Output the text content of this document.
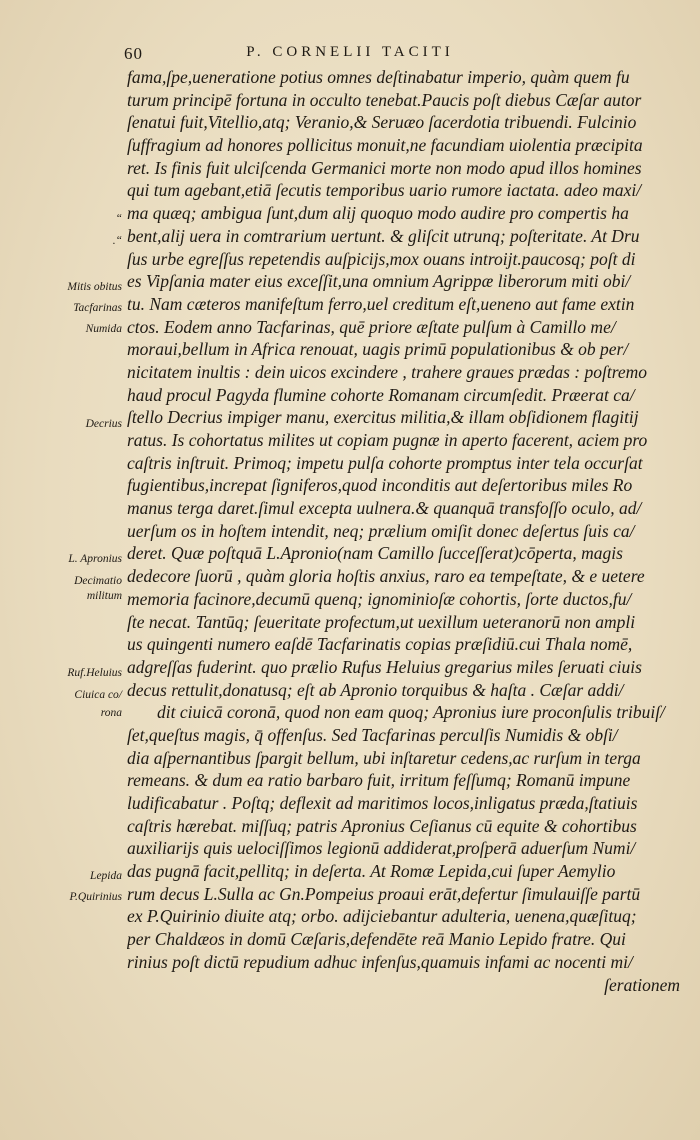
60	P. CORNELII TACITI
“
.“
Mitis obitus
Tacfarinas
Numida
Decrius
L. Apronius
Decimatio
militum
Ruf.Heluius
Ciuica co/
rona
Lepida
P.Quirinius
fama,ſpe,ueneratione potius omnes deſtinabatur imperio, quàm quem fu
turum principē fortuna in occulto tenebat.Paucis poſt diebus Cæſar autor
ſenatui fuit,Vitellio,atq; Veranio,& Seruæo ſacerdotia tribuendi. Fulcinio
ſuffragium ad honores pollicitus monuit,ne facundiam uiolentia præcipita
ret. Is finis fuit ulciſcenda Germanici morte non modo apud illos homines
qui tum agebant,etiā ſecutis temporibus uario rumore iactata. adeo maxi/
ma quæq; ambigua ſunt,dum alij quoquo modo audire pro compertis ha
bent,alij uera in comtrarium uertunt. & gliſcit utrunq; poſteritate. At Dru
ſus urbe egreſſus repetendis auſpicijs,mox ouans introijt.paucosq; poſt di
es Vipſania mater eius exceſſit,una omnium Agrippæ liberorum miti obi/
tu. Nam cæteros manifeſtum ferro,uel creditum eſt,ueneno aut fame extin
ctos. Eodem anno Tacfarinas, quē priore æſtate pulſum à Camillo me/
moraui,bellum in Africa renouat, uagis primū populationibus & ob per/
nicitatem inultis : dein uicos excindere , trahere graues prædas : poſtremo
haud procul Pagyda flumine cohorte Romanam circumſedit. Præerat ca/
ſtello Decrius impiger manu, exercitus militia,& illam obſidionem flagitij
ratus. Is cohortatus milites ut copiam pugnæ in aperto facerent, aciem pro
caſtris inſtruit. Primoq; impetu pulſa cohorte promptus inter tela occurſat
fugientibus,increpat ſigniferos,quod inconditis aut deſertoribus miles Ro
manus terga daret.ſimul excepta uulnera.& quanquā transfoſſo oculo, ad/
uerſum os in hoſtem intendit, neq; prælium omiſit donec deſertus ſuis ca/
deret. Quæ poſtquā L.Apronio(nam Camillo ſucceſſerat)cōperta, magis
dedecore ſuorū , quàm gloria hoſtis anxius, raro ea tempeſtate, & e uetere
memoria facinore,decumū quenq; ignominioſæ cohortis, ſorte ductos,fu/
ſte necat. Tantūq; ſeueritate profectum,ut uexillum ueteranorū non ampli
us quingenti numero eaſdē Tacfarinatis copias præſidiū.cui Thala nomē,
adgreſſas fuderint. quo prælio Rufus Heluius gregarius miles ſeruati ciuis
decus rettulit,donatusq; eſt ab Apronio torquibus & haſta . Cæſar addi/
dit ciuicā coronā, quod non eam quoq; Apronius iure proconſulis tribuiſ/
ſet,queſtus magis, q̄ offenſus. Sed Tacfarinas perculſis Numidis & obſi/
dia aſpernantibus ſpargit bellum, ubi inſtaretur cedens,ac rurſum in terga
remeans. & dum ea ratio barbaro fuit, irritum feſſumq; Romanū impune
ludificabatur . Poſtq; deflexit ad maritimos locos,inligatus præda,ſtatiuis
caſtris hærebat. miſſuq; patris Apronius Ceſianus cū equite & cohortibus
auxiliarijs quis uelociſſimos legionū addiderat,proſperā aduerſum Numi/
das pugnā facit,pellitq; in deſerta. At Romæ Lepida,cui ſuper Aemylio
rum decus L.Sulla ac Gn.Pompeius proaui erāt,defertur ſimulauiſſe partū
ex P.Quirinio diuite atq; orbo. adijciebantur adulteria, uenena,quæſituq;
per Chaldæos in domū Cæſaris,defendēte reā Manio Lepido fratre. Qui
rinius poſt dictū repudium adhuc infenſus,quamuis infami ac nocenti mi/
ſerationem
